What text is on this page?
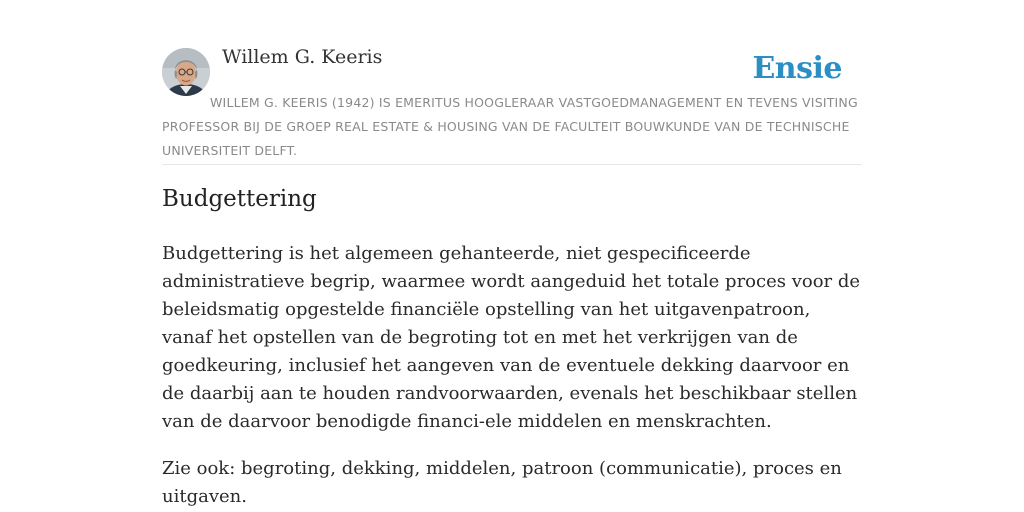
Willem G. Keeris	Ensie

WILLEM G. KEERIS (1942) IS EMERITUS HOOGLERAAR VASTGOEDMANAGEMENT EN TEVENS VISITING PROFESSOR BIJ DE GROEP REAL ESTATE & HOUSING VAN DE FACULTEIT BOUWKUNDE VAN DE TECHNISCHE UNIVERSITEIT DELFT.

Budgettering

Budgettering is het algemeen gehanteerde, niet gespecificeerde administratieve begrip, waarmee wordt aangeduid het totale proces voor de beleidsmatig opgestelde financiële opstelling van het uitgavenpatroon, vanaf het opstellen van de begroting tot en met het verkrijgen van de goedkeuring, inclusief het aangeven van de eventuele dekking daarvoor en de daarbij aan te houden randvoorwaarden, evenals het beschikbaar stellen van de daarvoor benodigde financi-ele middelen en menskrachten.

Zie ook: begroting, dekking, middelen, patroon (communicatie), proces en uitgaven.
